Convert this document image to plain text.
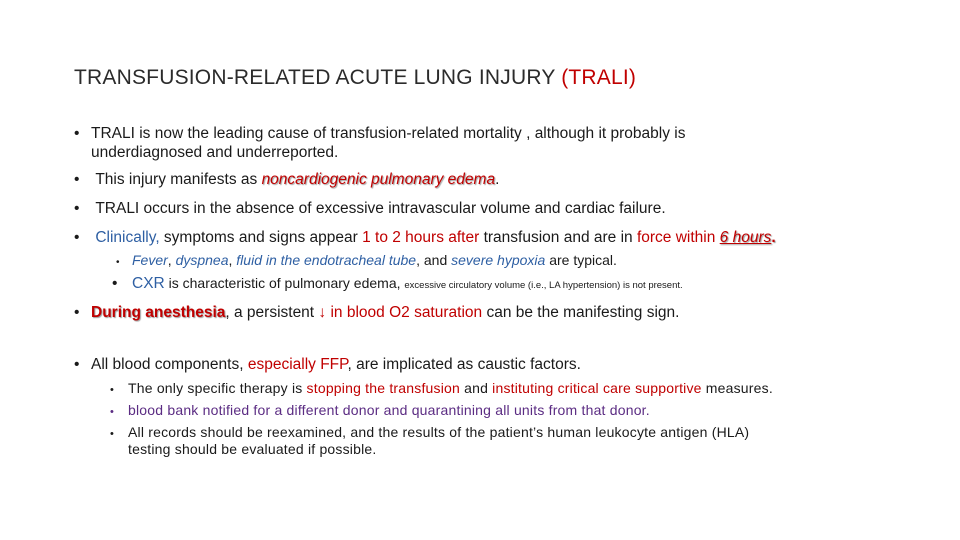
TRANSFUSION-RELATED ACUTE LUNG INJURY (TRALI)
• TRALI is now the leading cause of transfusion-related mortality , although it probably is
underdiagnosed and underreported.
• This injury manifests as noncardiogenic pulmonary edema.
• TRALI occurs in the absence of excessive intravascular volume and cardiac failure.
• Clinically, symptoms and signs appear 1 to 2 hours after transfusion and are in force within 6 hours.
• Fever, dyspnea, fluid in the endotracheal tube, and severe hypoxia are typical.
• CXR is characteristic of pulmonary edema, excessive circulatory volume (i.e., LA hypertension) is not present.
• During anesthesia, a persistent ↓ in blood O2 saturation can be the manifesting sign.
• All blood components, especially FFP, are implicated as caustic factors.
• The only specific therapy is stopping the transfusion and instituting critical care supportive measures.
• blood bank notified for a different donor and quarantining all units from that donor.
• All records should be reexamined, and the results of the patient’s human leukocyte antigen (HLA)
testing should be evaluated if possible.
